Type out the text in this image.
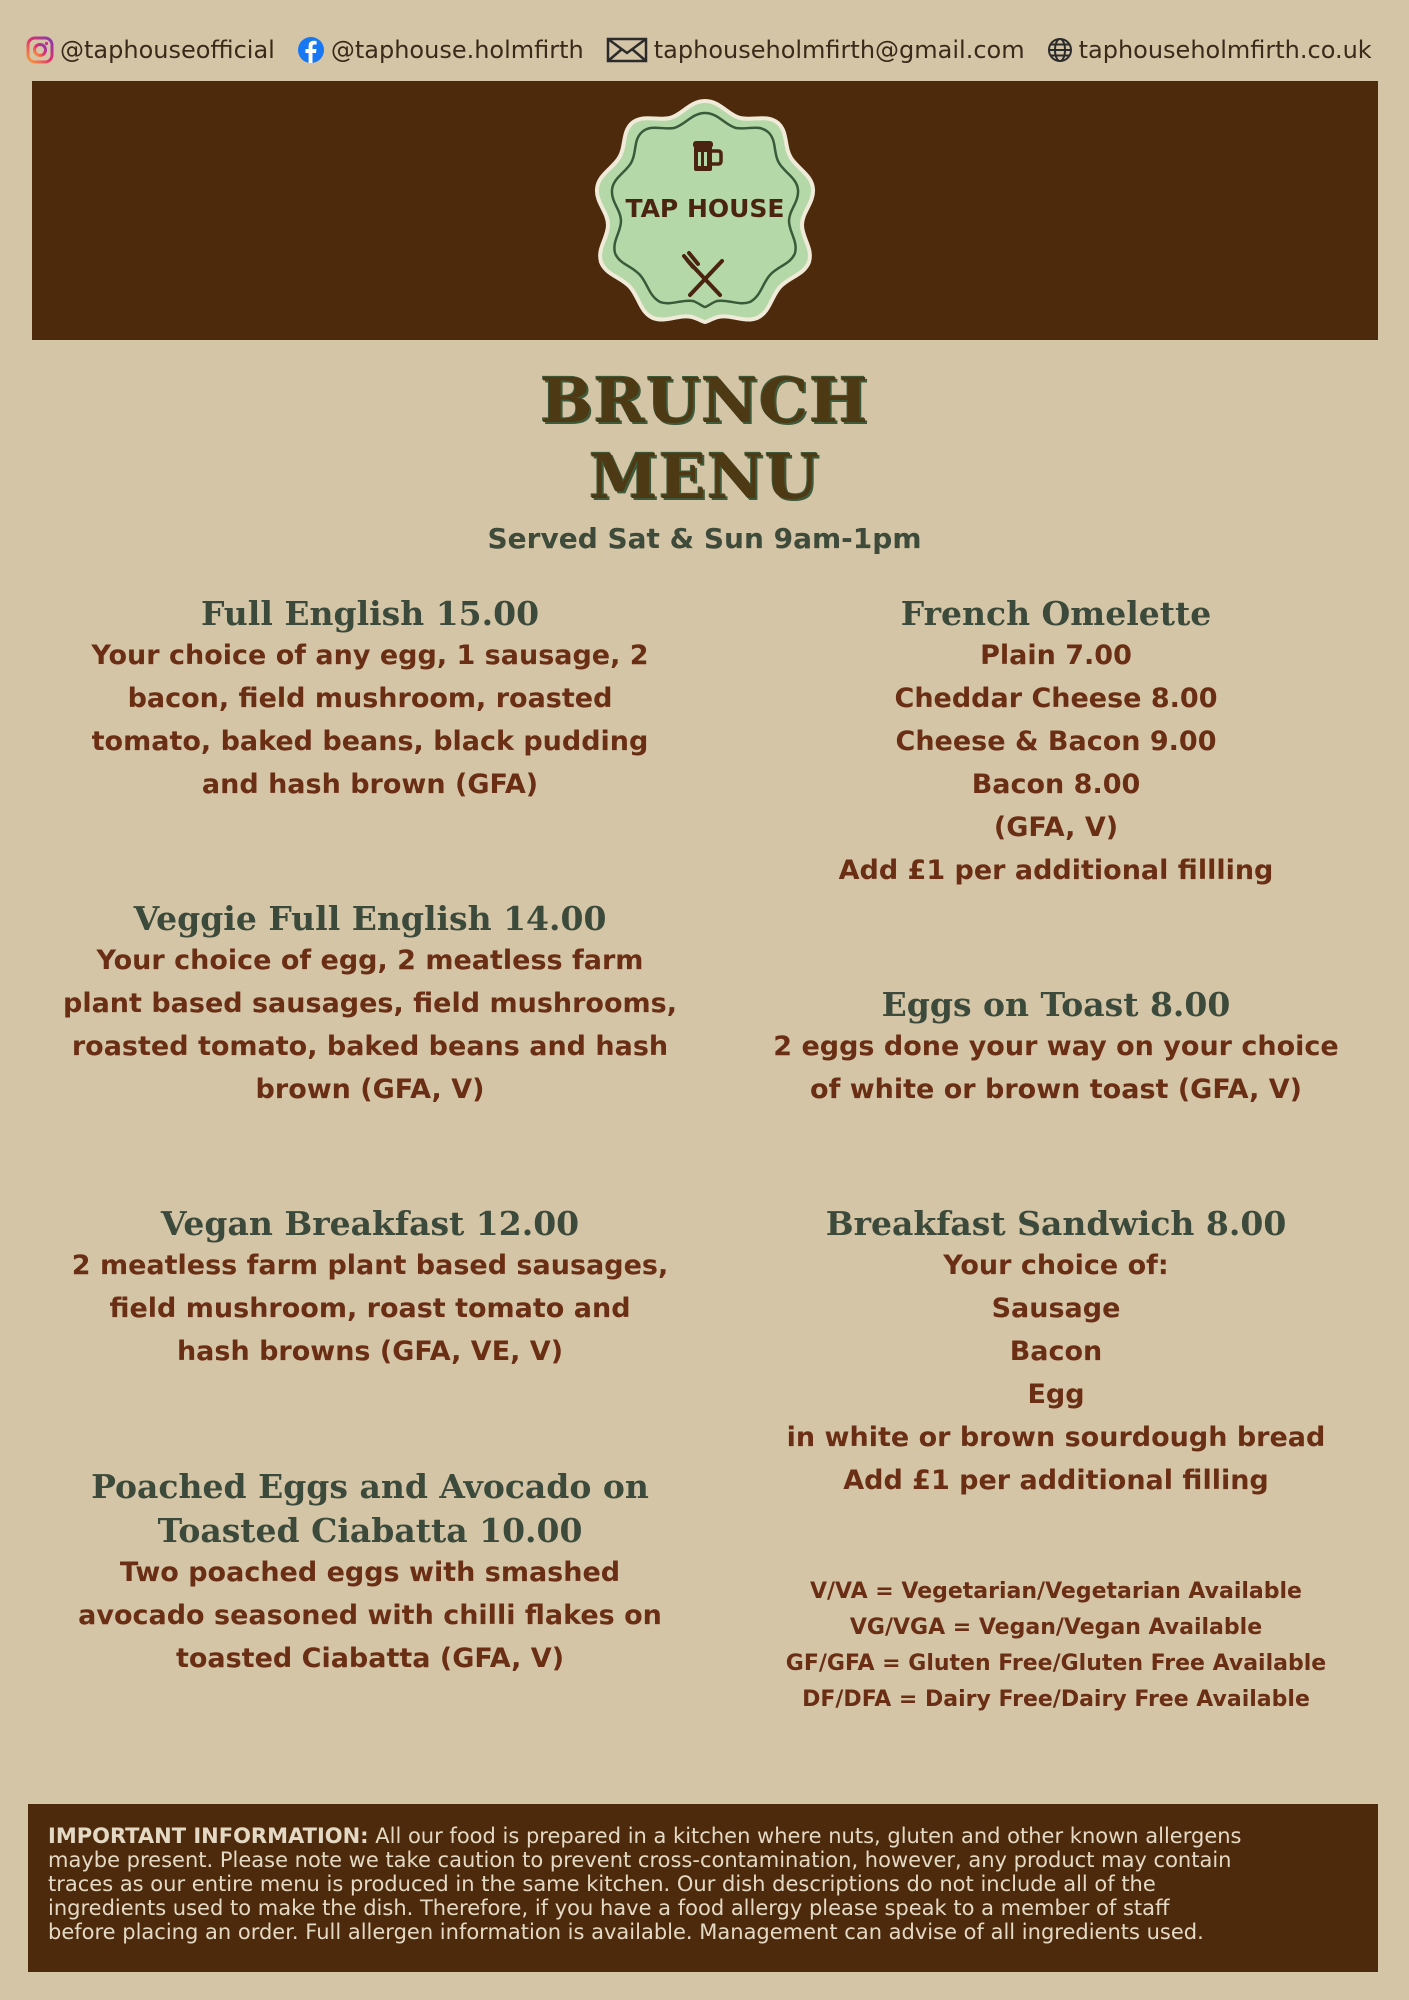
@taphouseofficial @taphouse.holmfirth	taphouseholmfirth@gmail.com taphouseholmfirth.co.uk
TAP HOUSE
BRUNCH
MENU
Served Sat & Sun 9am-1pm
Full English 15.00
Your choice of any egg, 1 sausage, 2
bacon, field mushroom, roasted
tomato, baked beans, black pudding
and hash brown (GFA)
Veggie Full English 14.00
Your choice of egg, 2 meatless farm
plant based sausages, field mushrooms,
roasted tomato, baked beans and hash
brown (GFA, V)
Vegan Breakfast 12.00
2 meatless farm plant based sausages,
field mushroom, roast tomato and
hash browns (GFA, VE, V)
Poached Eggs and Avocado on
Toasted Ciabatta 10.00
Two poached eggs with smashed
avocado seasoned with chilli flakes on
toasted Ciabatta (GFA, V)
French Omelette
Plain 7.00
Cheddar Cheese 8.00
Cheese & Bacon 9.00
Bacon 8.00
(GFA, V)
Add £1 per additional fillling
Eggs on Toast 8.00
2 eggs done your way on your choice
of white or brown toast (GFA, V)
Breakfast Sandwich 8.00
Your choice of:
Sausage
Bacon
Egg
in white or brown sourdough bread
Add £1 per additional filling
V/VA = Vegetarian/Vegetarian Available
VG/VGA = Vegan/Vegan Available
GF/GFA = Gluten Free/Gluten Free Available
DF/DFA = Dairy Free/Dairy Free Available
IMPORTANT INFORMATION: All our food is prepared in a kitchen where nuts, gluten and other known allergens
maybe present. Please note we take caution to prevent cross-contamination, however, any product may contain
traces as our entire menu is produced in the same kitchen. Our dish descriptions do not include all of the
ingredients used to make the dish. Therefore, if you have a food allergy please speak to a member of staff
before placing an order. Full allergen information is available. Management can advise of all ingredients used.
